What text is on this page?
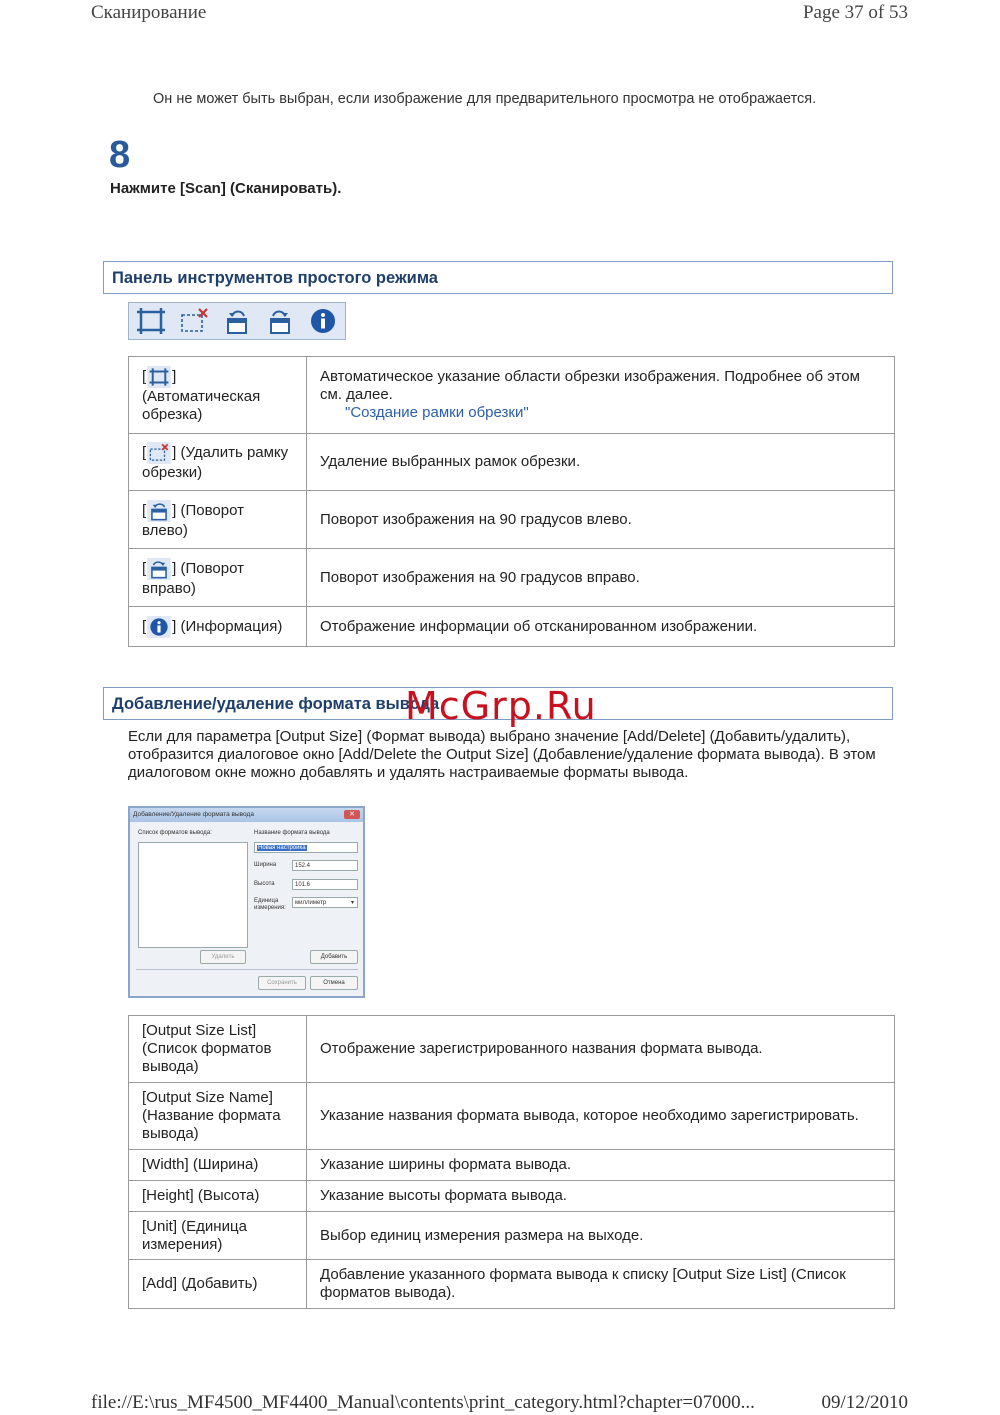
Сканирование	Page 37 of 53
Он не может быть выбран, если изображение для предварительного просмотра не отображается.
8
Нажмите [Scan] (Сканировать).
Панель инструментов простого режима
[ ] (Автоматическая обрезка)	Автоматическое указание области обрезки изображения. Подробнее об этом см. далее.
"Создание рамки обрезки"

[ ] (Удалить рамку обрезки)	Удаление выбранных рамок обрезки.
[ ] (Поворот влево)	Поворот изображения на 90 градусов влево.
[ ] (Поворот вправо)	Поворот изображения на 90 градусов вправо.
[ ] (Информация)	Отображение информации об отсканированном изображении.
Добавление/удаление формата вывода
McGrp.Ru
Если для параметра [Output Size] (Формат вывода) выбрано значение [Add/Delete] (Добавить/удалить), отобразится диалоговое окно [Add/Delete the Output Size] (Добавление/удаление формата вывода). В этом диалоговом окне можно добавлять и удалять настраиваемые форматы вывода.
Добавление/Удаление формата вывода	✕
Список форматов вывода:	Название формата вывода
Новая настройка
Ширина	152.4
Высота	101.6
Единица измерения:
миллиметр	▾
Удалить	Добавить
Сохранить	Отмена
[Output Size List] (Список форматов вывода)	Отображение зарегистрированного названия формата вывода.
[Output Size Name] (Название формата вывода)	Указание названия формата вывода, которое необходимо зарегистрировать.
[Width] (Ширина)	Указание ширины формата вывода.
[Height] (Высота)	Указание высоты формата вывода.
[Unit] (Единица измерения)	Выбор единиц измерения размера на выходе.
[Add] (Добавить)	Добавление указанного формата вывода к списку [Output Size List] (Список форматов вывода).
file://E:\rus_MF4500_MF4400_Manual\contents\print_category.html?chapter=07000...	09/12/2010
